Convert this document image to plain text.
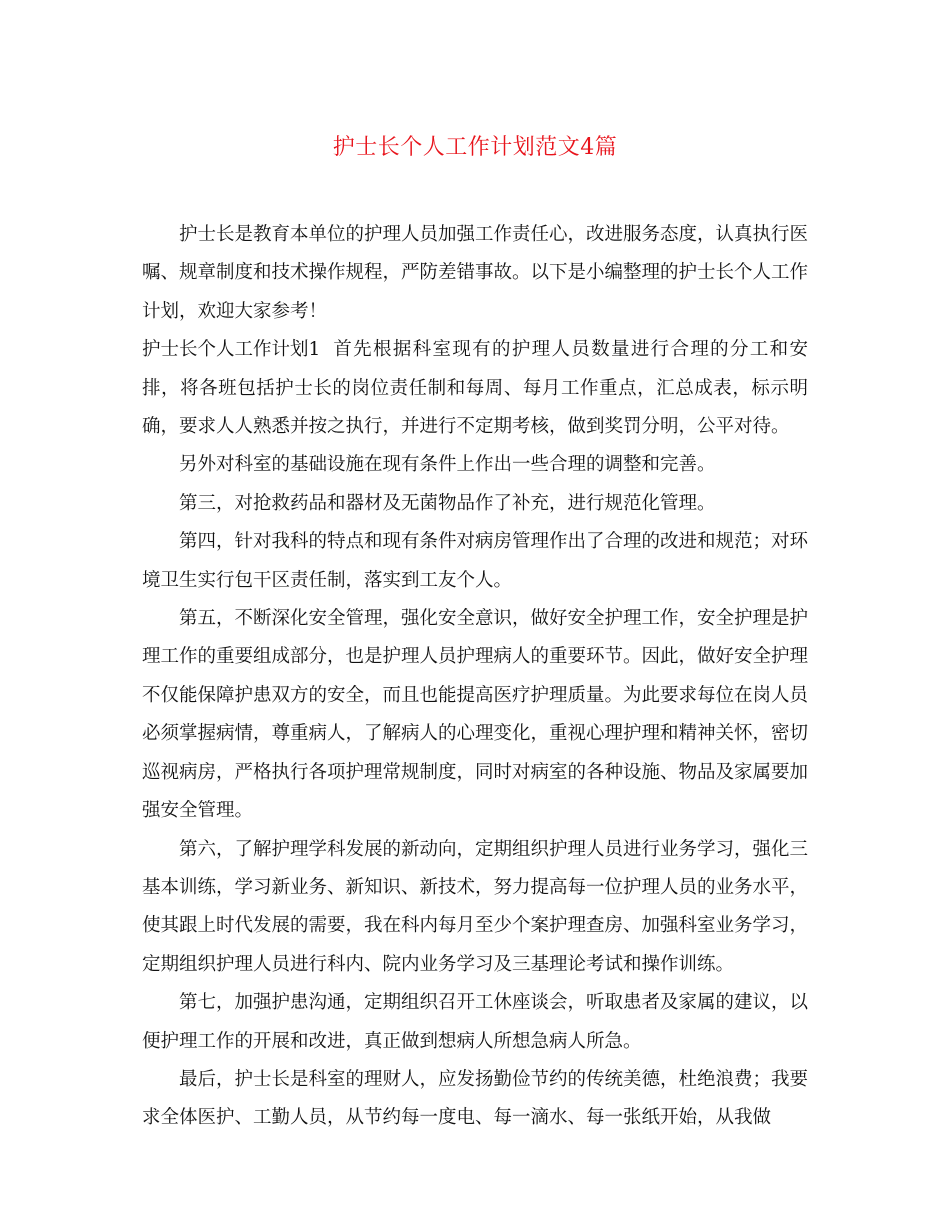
护士长个人工作计划范文4篇

护士长是教育本单位的护理人员加强工作责任心，改进服务态度，认真执行医嘱、规章制度和技术操作规程，严防差错事故。以下是小编整理的护士长个人工作计划，欢迎大家参考！

护士长个人工作计划1 首先根据科室现有的护理人员数量进行合理的分工和安排，将各班包括护士长的岗位责任制和每周、每月工作重点，汇总成表，标示明确，要求人人熟悉并按之执行，并进行不定期考核，做到奖罚分明，公平对待。

另外对科室的基础设施在现有条件上作出一些合理的调整和完善。

第三，对抢救药品和器材及无菌物品作了补充，进行规范化管理。

第四，针对我科的特点和现有条件对病房管理作出了合理的改进和规范；对环境卫生实行包干区责任制，落实到工友个人。

第五，不断深化安全管理，强化安全意识，做好安全护理工作，安全护理是护理工作的重要组成部分，也是护理人员护理病人的重要环节。因此，做好安全护理不仅能保障护患双方的安全，而且也能提高医疗护理质量。为此要求每位在岗人员必须掌握病情，尊重病人，了解病人的心理变化，重视心理护理和精神关怀，密切巡视病房，严格执行各项护理常规制度，同时对病室的各种设施、物品及家属要加强安全管理。

第六，了解护理学科发展的新动向，定期组织护理人员进行业务学习，强化三基本训练，学习新业务、新知识、新技术，努力提高每一位护理人员的业务水平，使其跟上时代发展的需要，我在科内每月至少个案护理查房、加强科室业务学习，定期组织护理人员进行科内、院内业务学习及三基理论考试和操作训练。

第七，加强护患沟通，定期组织召开工休座谈会，听取患者及家属的建议，以便护理工作的开展和改进，真正做到想病人所想急病人所急。

最后，护士长是科室的理财人，应发扬勤俭节约的传统美德，杜绝浪费；我要求全体医护、工勤人员，从节约每一度电、每一滴水、每一张纸开始，从我做
